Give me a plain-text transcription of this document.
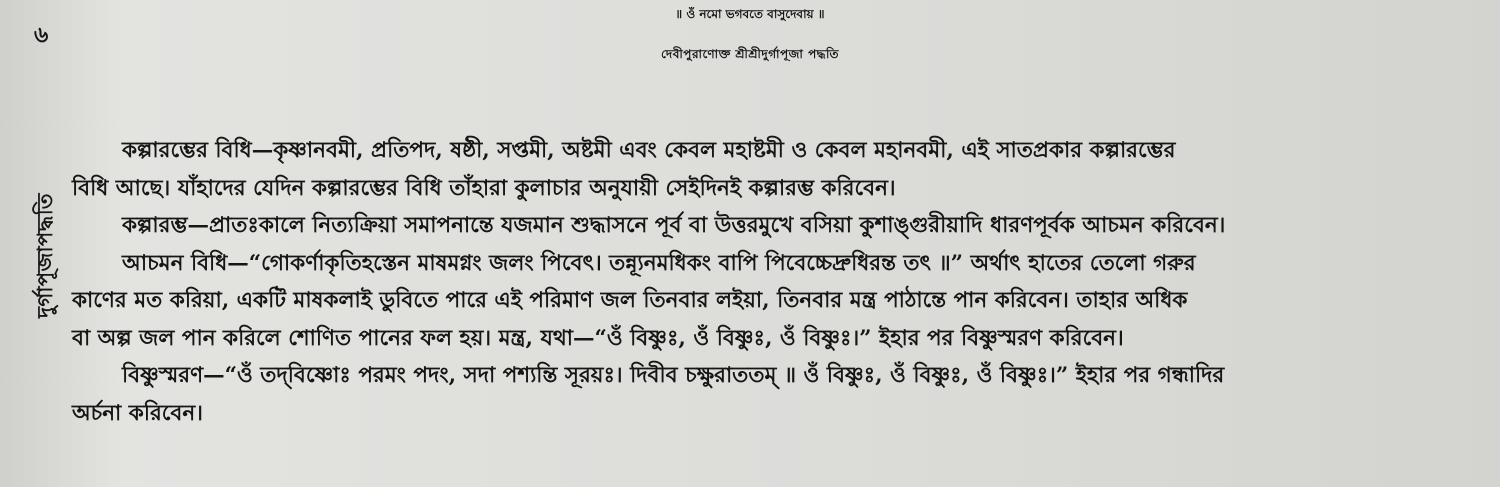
৬
দুর্গাপূজাপদ্ধতি
॥ ওঁ নমো ভগবতে বাসুদেবায় ॥
দেবীপুরাণোক্ত শ্রীশ্রীদুর্গাপূজা পদ্ধতি
কল্পারম্ভের বিধি—কৃষ্ণানবমী, প্রতিপদ, ষষ্ঠী, সপ্তমী, অষ্টমী এবং কেবল মহাষ্টমী ও কেবল মহানবমী, এই সাতপ্রকার কল্পারম্ভের
বিধি আছে। যাঁহাদের যেদিন কল্পারম্ভের বিধি তাঁহারা কুলাচার অনুযায়ী সেইদিনই কল্পারম্ভ করিবেন।
কল্পারম্ভ—প্রাতঃকালে নিত্যক্রিয়া সমাপনান্তে যজমান শুদ্ধাসনে পূর্ব বা উত্তরমুখে বসিয়া কুশাঙ্গুরীয়াদি ধারণপূর্বক আচমন করিবেন।
আচমন বিধি—“গোকর্ণাকৃতিহস্তেন মাষমগ্নং জলং পিবেৎ। তন্ন্যূনমধিকং বাপি পিবেচ্চেদ্রুধিরন্ত তৎ ॥” অর্থাৎ হাতের তেলো গরুর
কাণের মত করিয়া, একটি মাষকলাই ডুবিতে পারে এই পরিমাণ জল তিনবার লইয়া, তিনবার মন্ত্র পাঠান্তে পান করিবেন। তাহার অধিক
বা অল্প জল পান করিলে শোণিত পানের ফল হয়। মন্ত্র, যথা—“ওঁ বিষ্ণুঃ, ওঁ বিষ্ণুঃ, ওঁ বিষ্ণুঃ।” ইহার পর বিষ্ণুস্মরণ করিবেন।
বিষ্ণুস্মরণ—“ওঁ তদ্‌বিষ্ণোঃ পরমং পদং, সদা পশ্যন্তি সূরয়ঃ। দিবীব চক্ষুরাততম্ ॥ ওঁ বিষ্ণুঃ, ওঁ বিষ্ণুঃ, ওঁ বিষ্ণুঃ।” ইহার পর গন্ধাদির
অর্চনা করিবেন।
